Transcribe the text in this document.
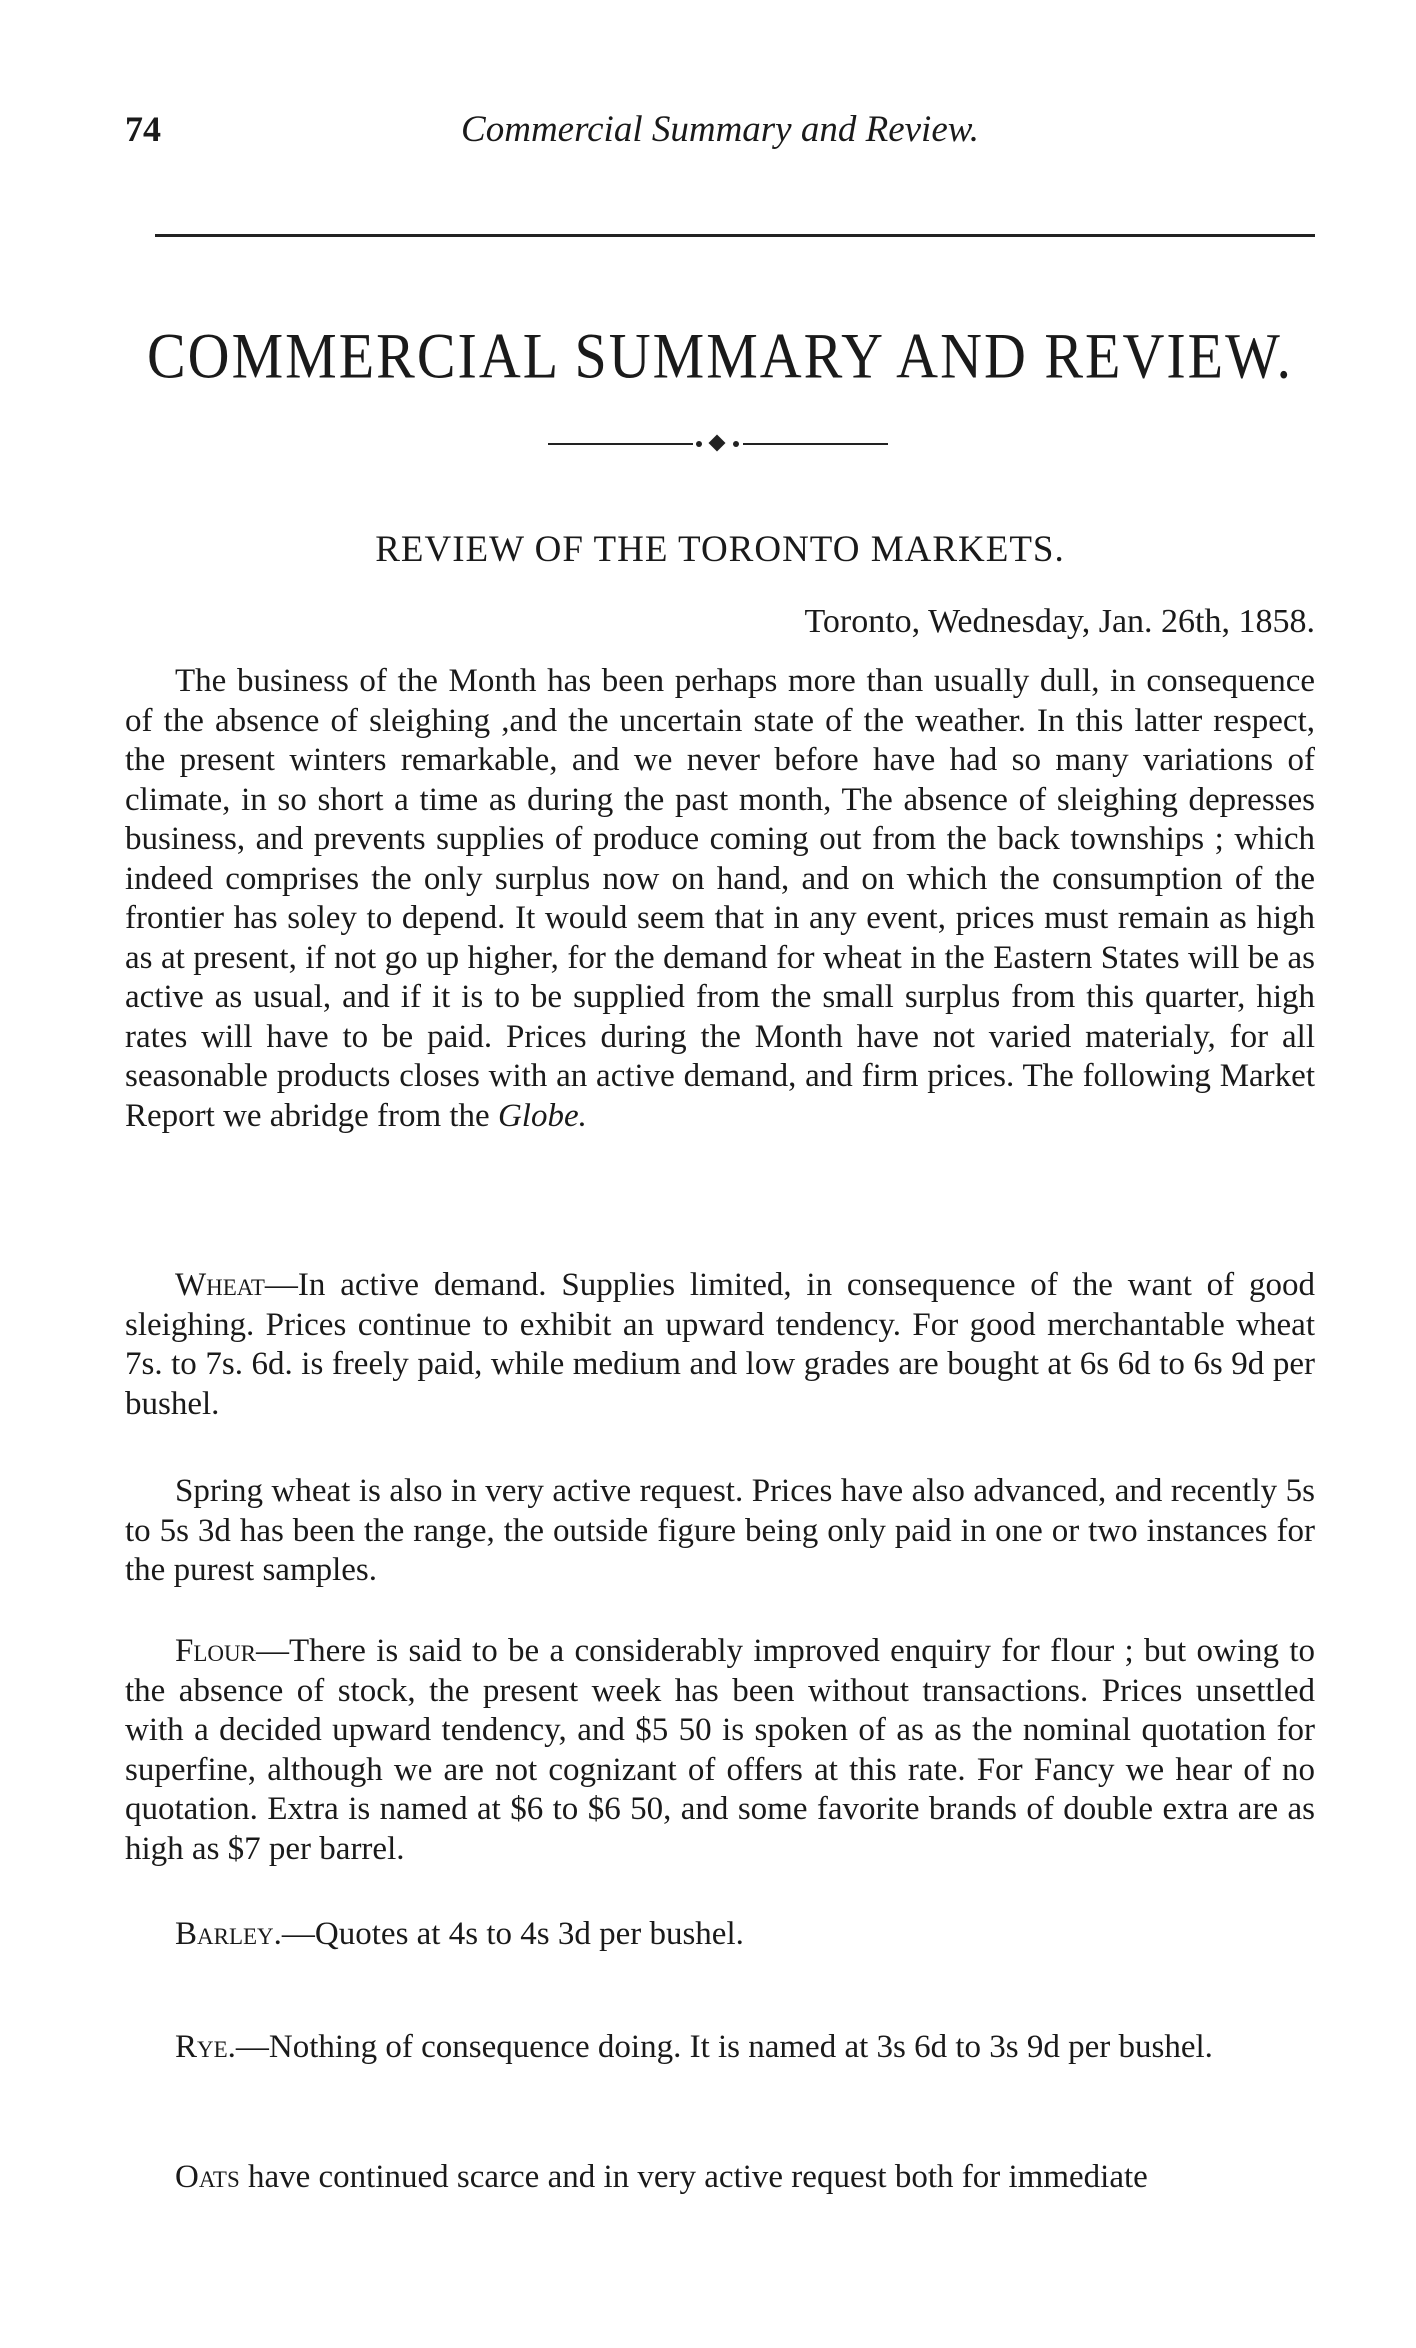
74	Commercial Summary and Review.
COMMERCIAL SUMMARY AND REVIEW.
REVIEW OF THE TORONTO MARKETS.
Toronto, Wednesday, Jan. 26th, 1858.

The business of the Month has been perhaps more than usually dull, in consequence of the absence of sleighing ,and the uncertain state of the weather. In this latter respect, the present winters remarkable, and we never before have had so many variations of climate, in so short a time as during the past month, The absence of sleighing depresses business, and prevents supplies of produce coming out from the back townships ; which indeed comprises the only surplus now on hand, and on which the consumption of the frontier has soley to depend. It would seem that in any event, prices must remain as high as at present, if not go up higher, for the demand for wheat in the Eastern States will be as active as usual, and if it is to be supplied from the small surplus from this quarter, high rates will have to be paid. Prices during the Month have not varied materialy, for all seasonable products closes with an active demand, and firm prices. The following Market Report we abridge from the Globe.

Wheat—In active demand. Supplies limited, in consequence of the want of good sleighing. Prices continue to exhibit an upward tendency. For good merchantable wheat 7s. to 7s. 6d. is freely paid, while medium and low grades are bought at 6s 6d to 6s 9d per bushel.

Spring wheat is also in very active request. Prices have also advanced, and recently 5s to 5s 3d has been the range, the outside figure being only paid in one or two instances for the purest samples.

Flour—There is said to be a considerably improved enquiry for flour ; but owing to the absence of stock, the present week has been without transactions. Prices unsettled with a decided upward tendency, and $5 50 is spoken of as as the nominal quotation for superfine, although we are not cognizant of offers at this rate. For Fancy we hear of no quotation. Extra is named at $6 to $6 50, and some favorite brands of double extra are as high as $7 per barrel.

Barley.—Quotes at 4s to 4s 3d per bushel.

Rye.—Nothing of consequence doing. It is named at 3s 6d to 3s 9d per bushel.

Oats have continued scarce and in very active request both for immediate
